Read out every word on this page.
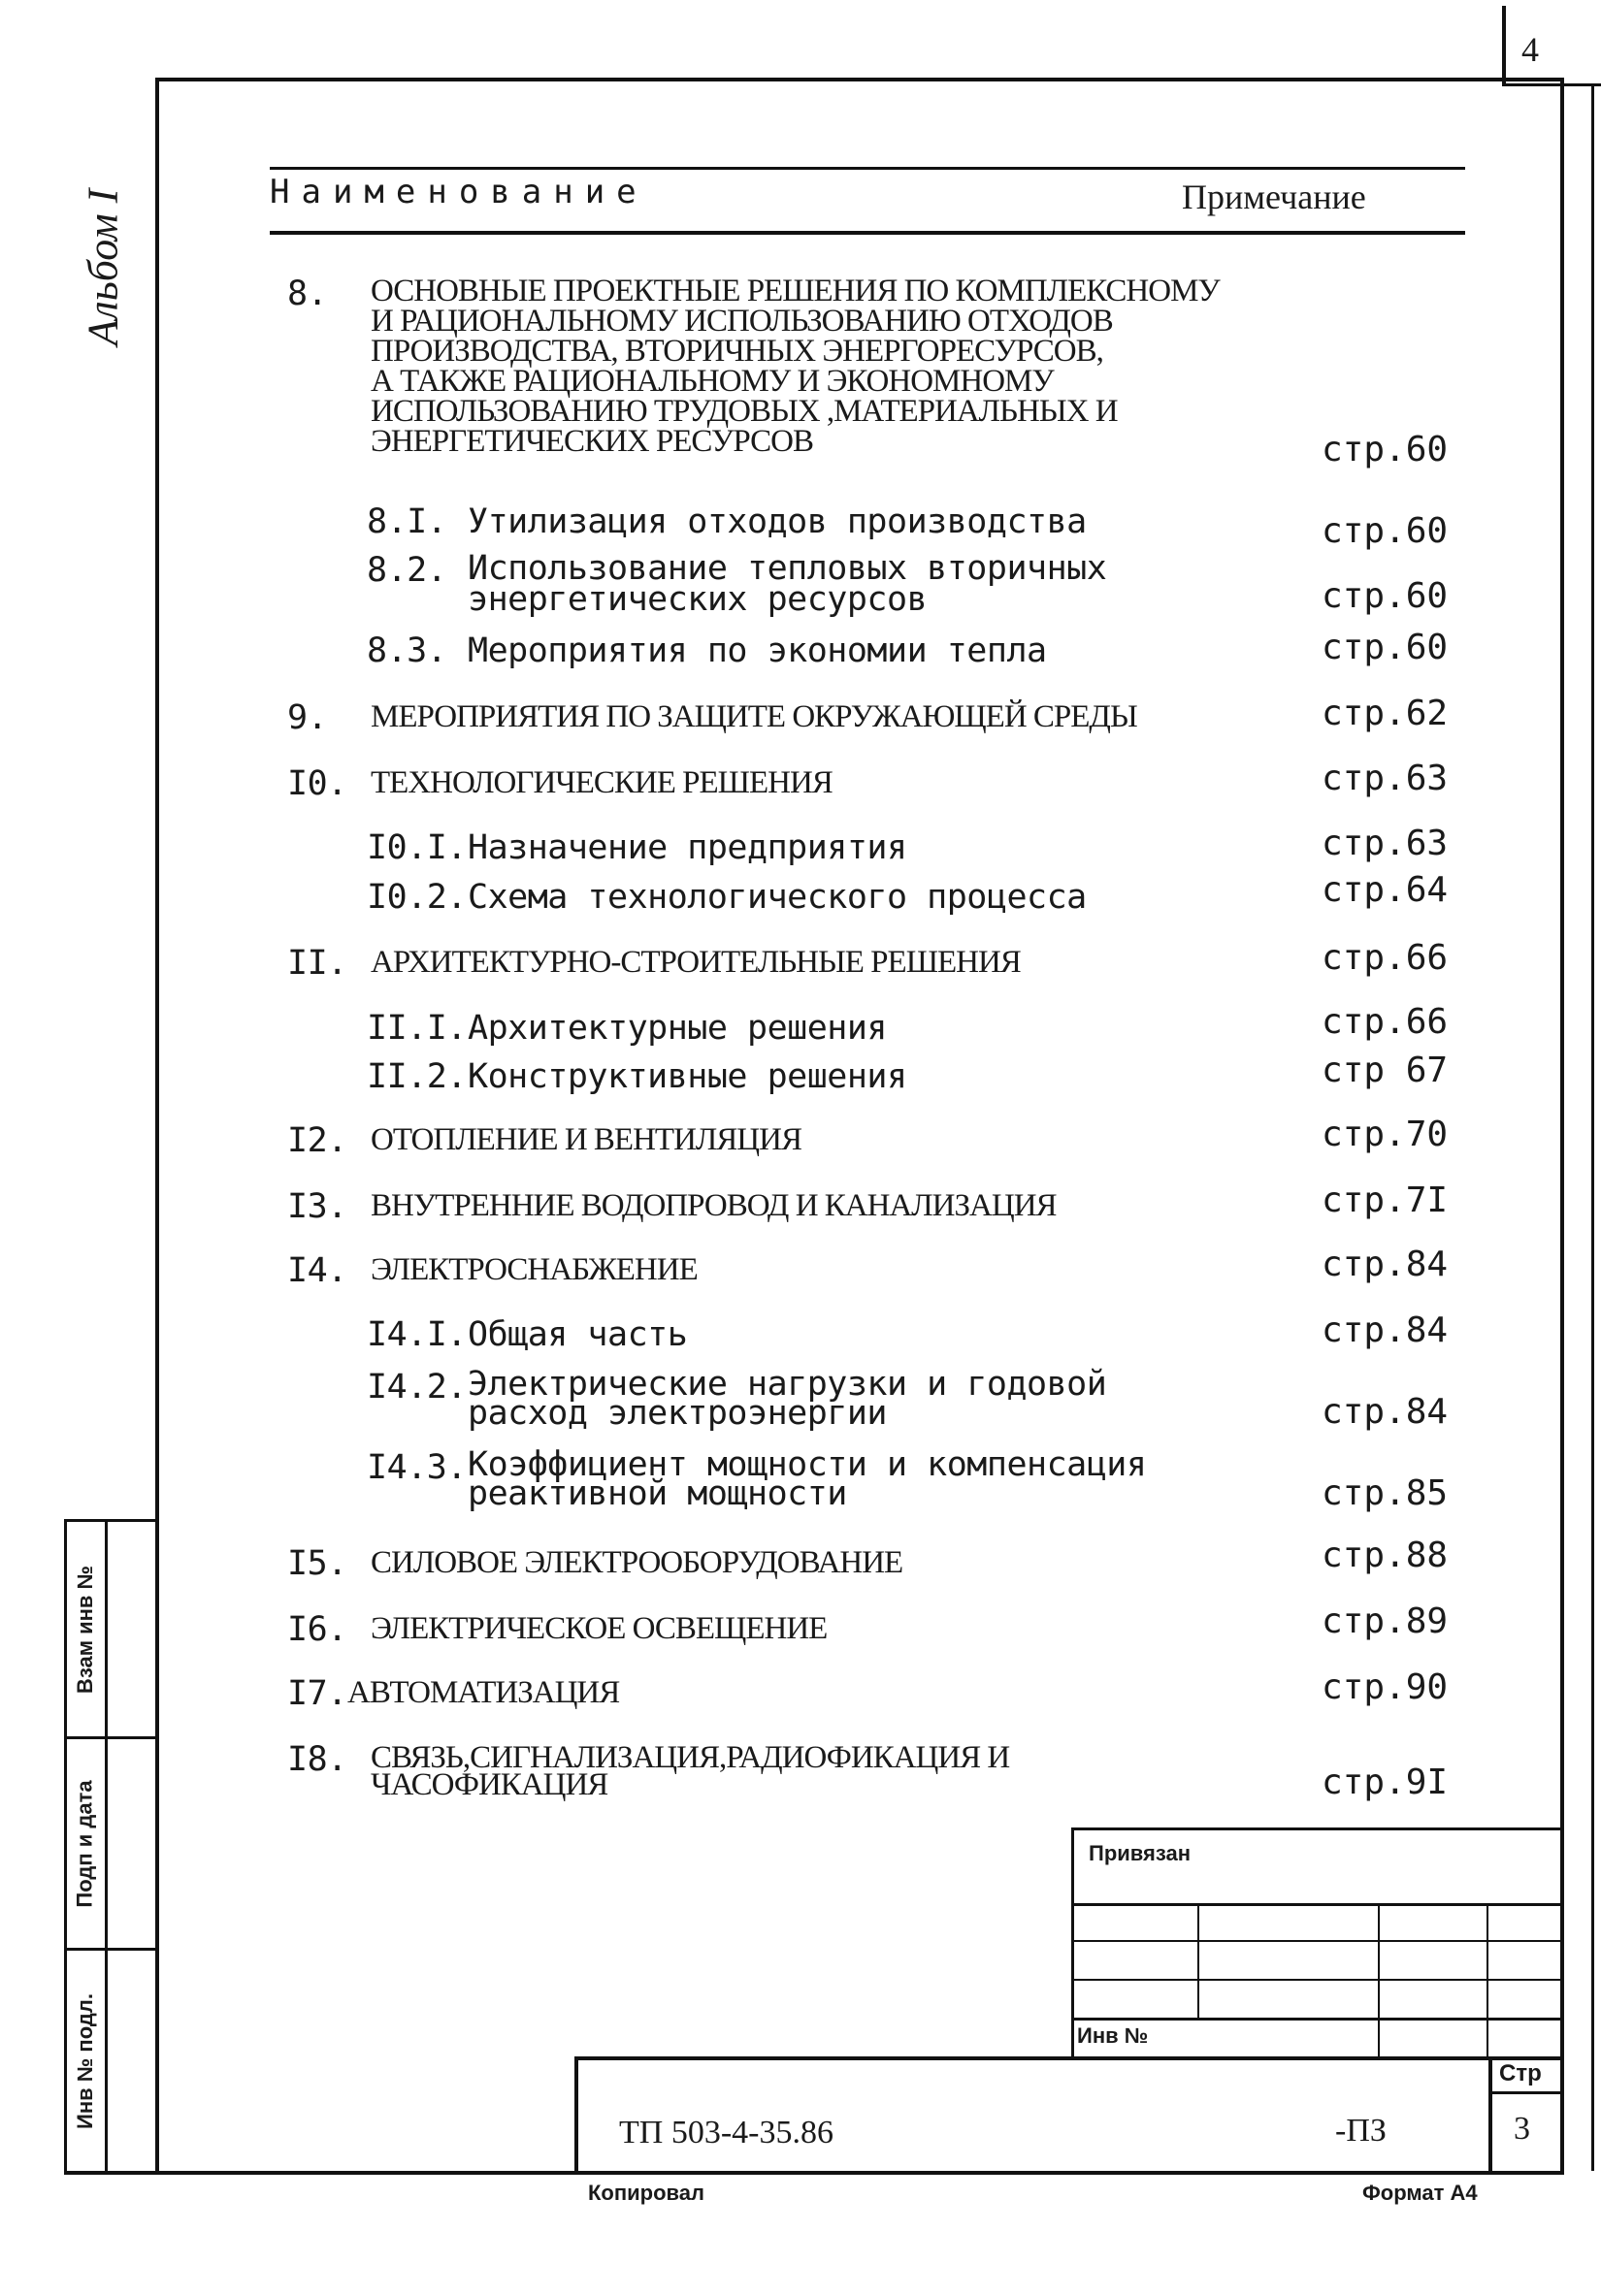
4
Альбом I	Наименование	Примечание
8. ОСНОВНЫЕ ПРОЕКТНЫЕ РЕШЕНИЯ ПО КОМПЛЕКСНОМУ
И РАЦИОНАЛЬНОМУ ИСПОЛЬЗОВАНИЮ ОТХОДОВ
ПРОИЗВОДСТВА, ВТОРИЧНЫХ ЭНЕРГОРЕСУРСОВ,
А ТАКЖЕ РАЦИОНАЛЬНОМУ И ЭКОНОМНОМУ
ИСПОЛЬЗОВАНИЮ ТРУДОВЫХ ,МАТЕРИАЛЬНЫХ И
ЭНЕРГЕТИЧЕСКИХ РЕСУРСОВ	стр.60
8.I. Утилизация отходов производства	стр.60
8.2. Использование тепловых вторичных
энергетических ресурсов	стр.60
8.3. Мероприятия по экономии тепла	стр.60
9. МЕРОПРИЯТИЯ ПО ЗАЩИТЕ ОКРУЖАЮЩЕЙ СРЕДЫ	стр.62
I0. ТЕХНОЛОГИЧЕСКИЕ РЕШЕНИЯ	стр.63
I0.I. Назначение предприятия	стр.63
I0.2. Схема технологического процесса	стр.64
II. АРХИТЕКТУРНО-СТРОИТЕЛЬНЫЕ РЕШЕНИЯ	стр.66
II.I. Архитектурные решения	стр.66
II.2. Конструктивные решения	стр 67
I2. ОТОПЛЕНИЕ И ВЕНТИЛЯЦИЯ	стр.70
I3. ВНУТРЕННИЕ ВОДОПРОВОД И КАНАЛИЗАЦИЯ	стр.7I
I4. ЭЛЕКТРОСНАБЖЕНИЕ	стр.84
I4.I. Общая часть	стр.84
I4.2. Электрические нагрузки и годовой
расход электроэнергии	стр.84
I4.3. Коэффициент мощности и компенсация
реактивной мощности	стр.85
I5. СИЛОВОЕ ЭЛЕКТРООБОРУДОВАНИЕ	стр.88
I6. ЭЛЕКТРИЧЕСКОЕ ОСВЕЩЕНИЕ	стр.89
I7. АВТОМАТИЗАЦИЯ	стр.90
I8. СВЯЗЬ,СИГНАЛИЗАЦИЯ,РАДИОФИКАЦИЯ И
ЧАСОФИКАЦИЯ	стр.9I
Взам инв №
Подп и дата
Инв № подл.
Привязан
Инв №
ТП 503-4-35.86	-ПЗ
Стр
3
Копировал	Формат А4
